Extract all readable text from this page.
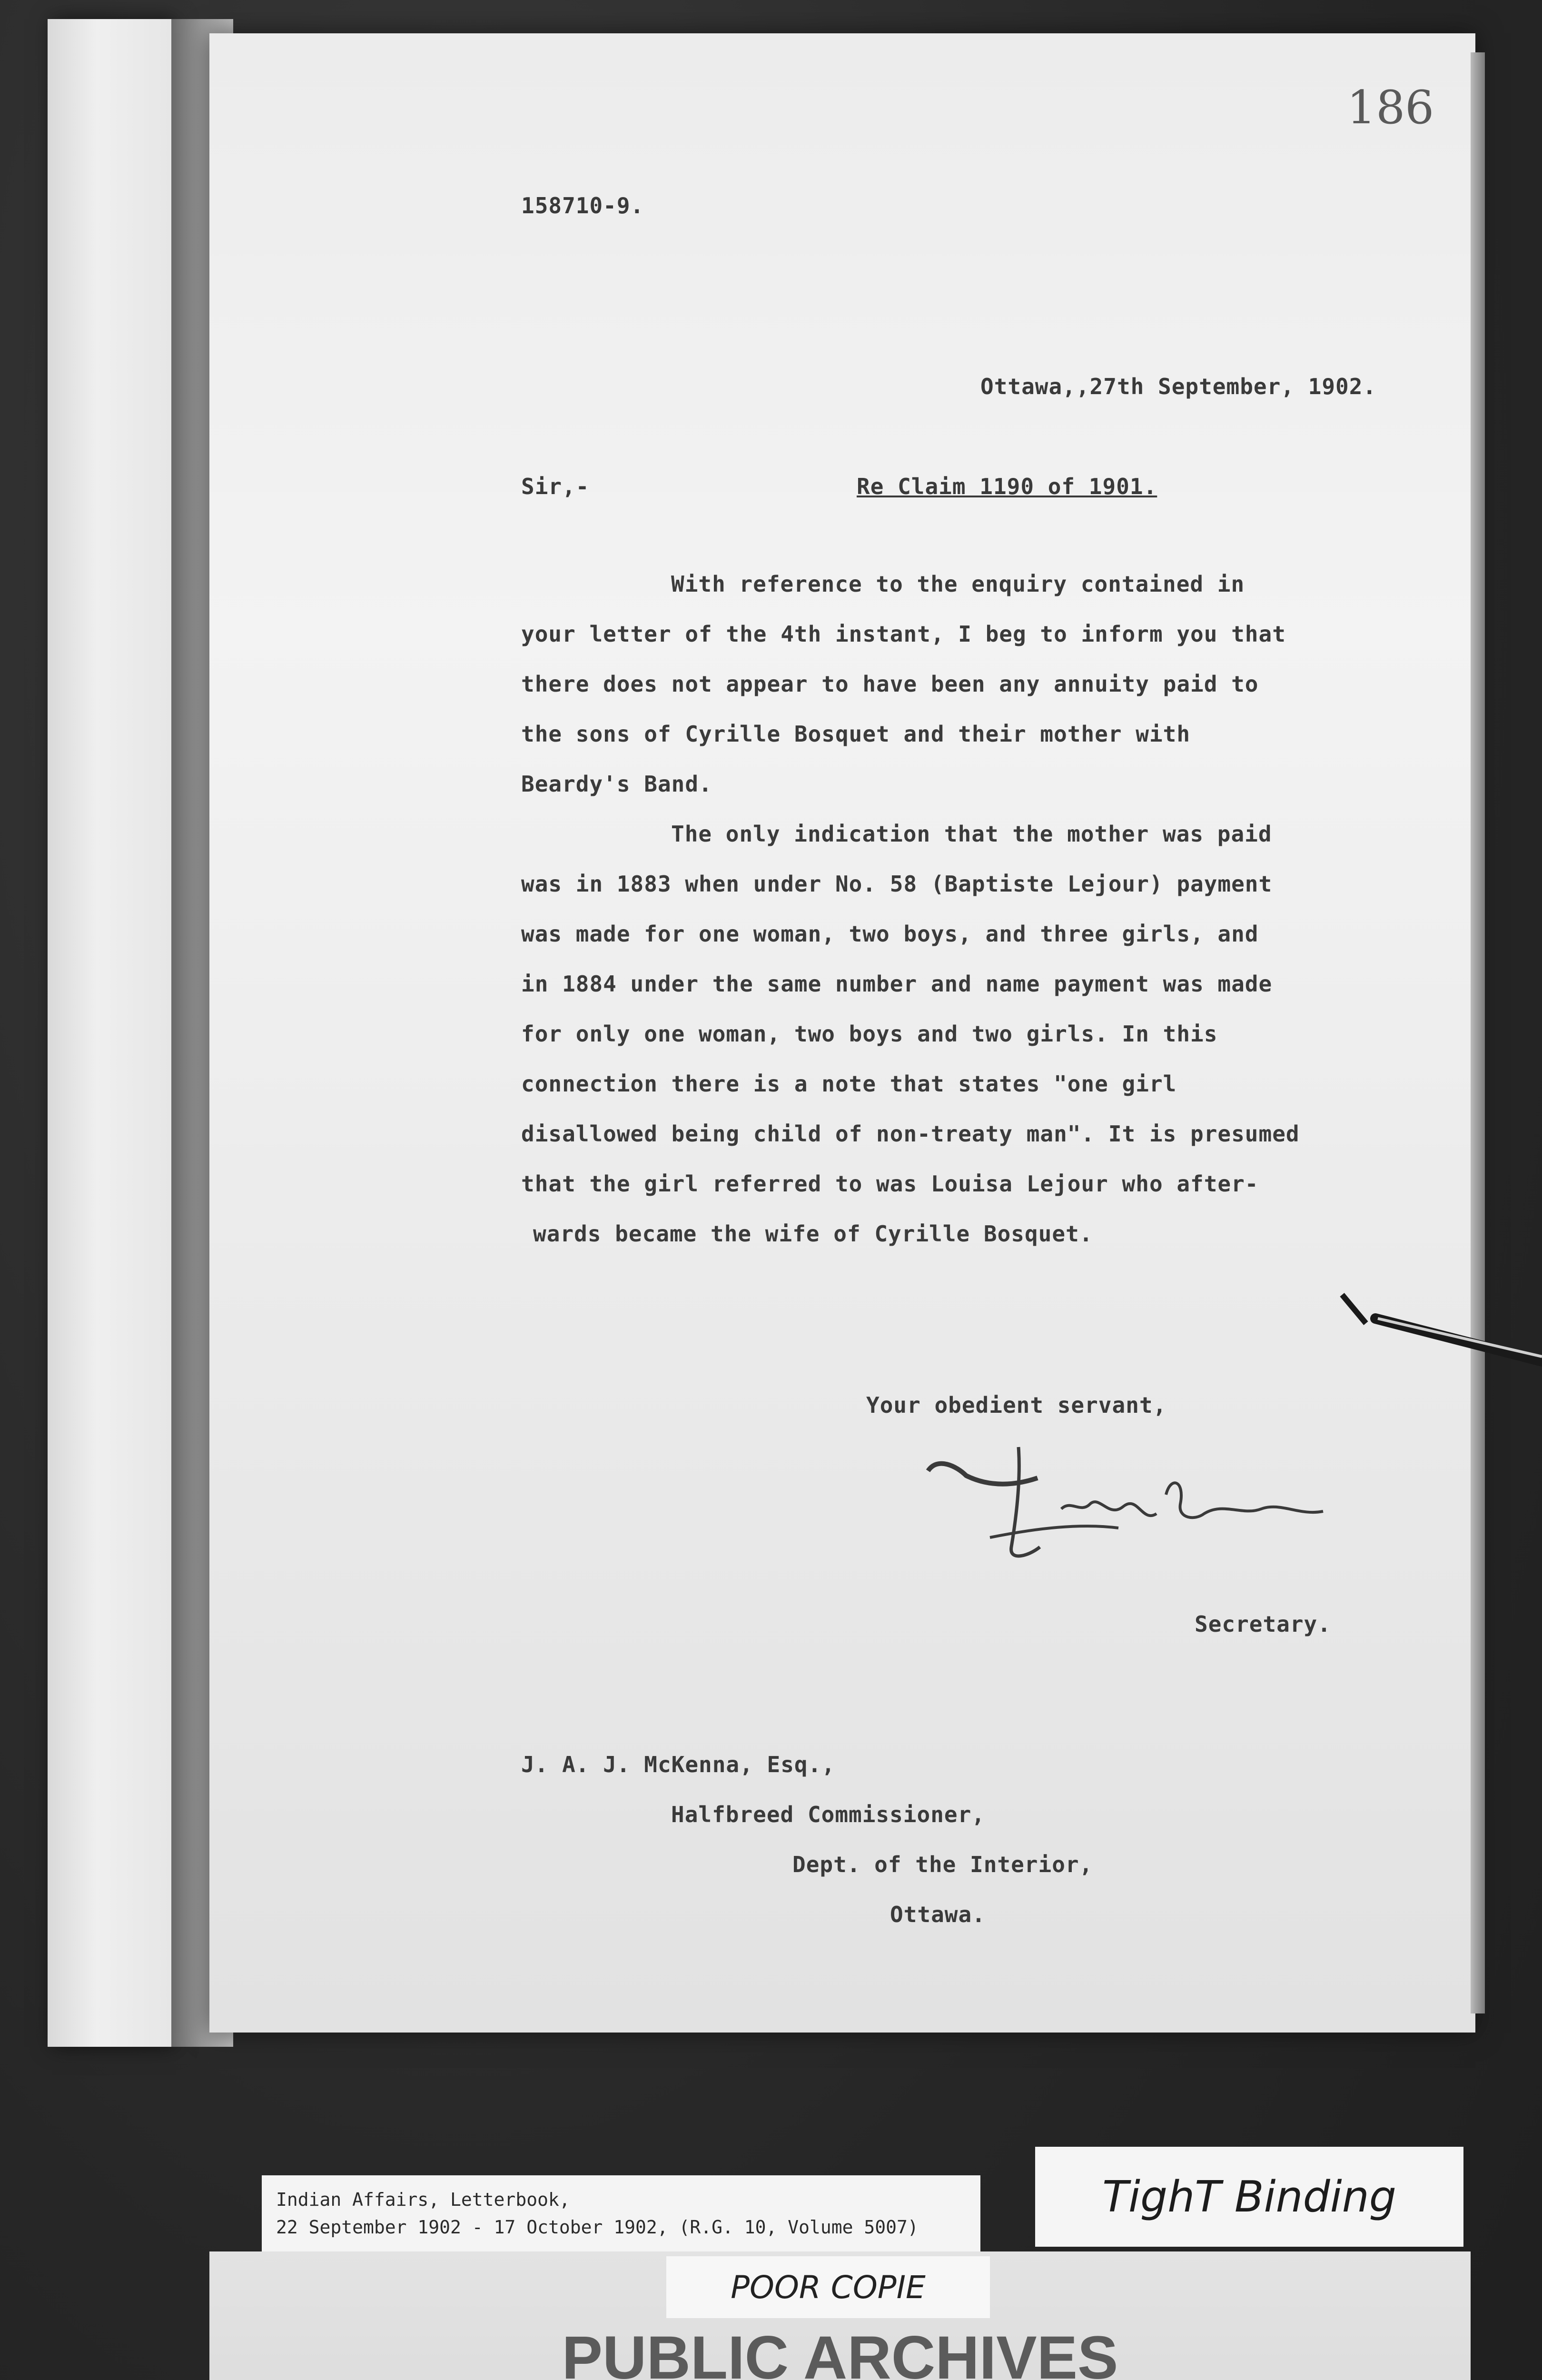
186
158710-9.
Ottawa,,27th September, 1902.
Sir,-	Re Claim 1190 of 1901.
With reference to the enquiry contained in
your letter of the 4th instant, I beg to inform you that
there does not appear to have been any annuity paid to
the sons of Cyrille Bosquet and their mother with
Beardy's Band.
The only indication that the mother was paid
was in 1883 when under No. 58 (Baptiste Lejour) payment
was made for one woman, two boys, and three girls, and
in 1884 under the same number and name payment was made
for only one woman, two boys and two girls. In this
connection there is a note that states "one girl
disallowed being child of non-treaty man". It is presumed
that the girl referred to was Louisa Lejour who after-
wards became the wife of Cyrille Bosquet.
Your obedient servant,
Secretary.
J. A. J. McKenna, Esq.,
Halfbreed Commissioner,
Dept. of the Interior,
Ottawa.
Indian Affairs, Letterbook,
22 September 1902 - 17 October 1902, (R.G. 10, Volume 5007)
TighT Binding
PUBLIC ARCHIVES
POOR COPIE
